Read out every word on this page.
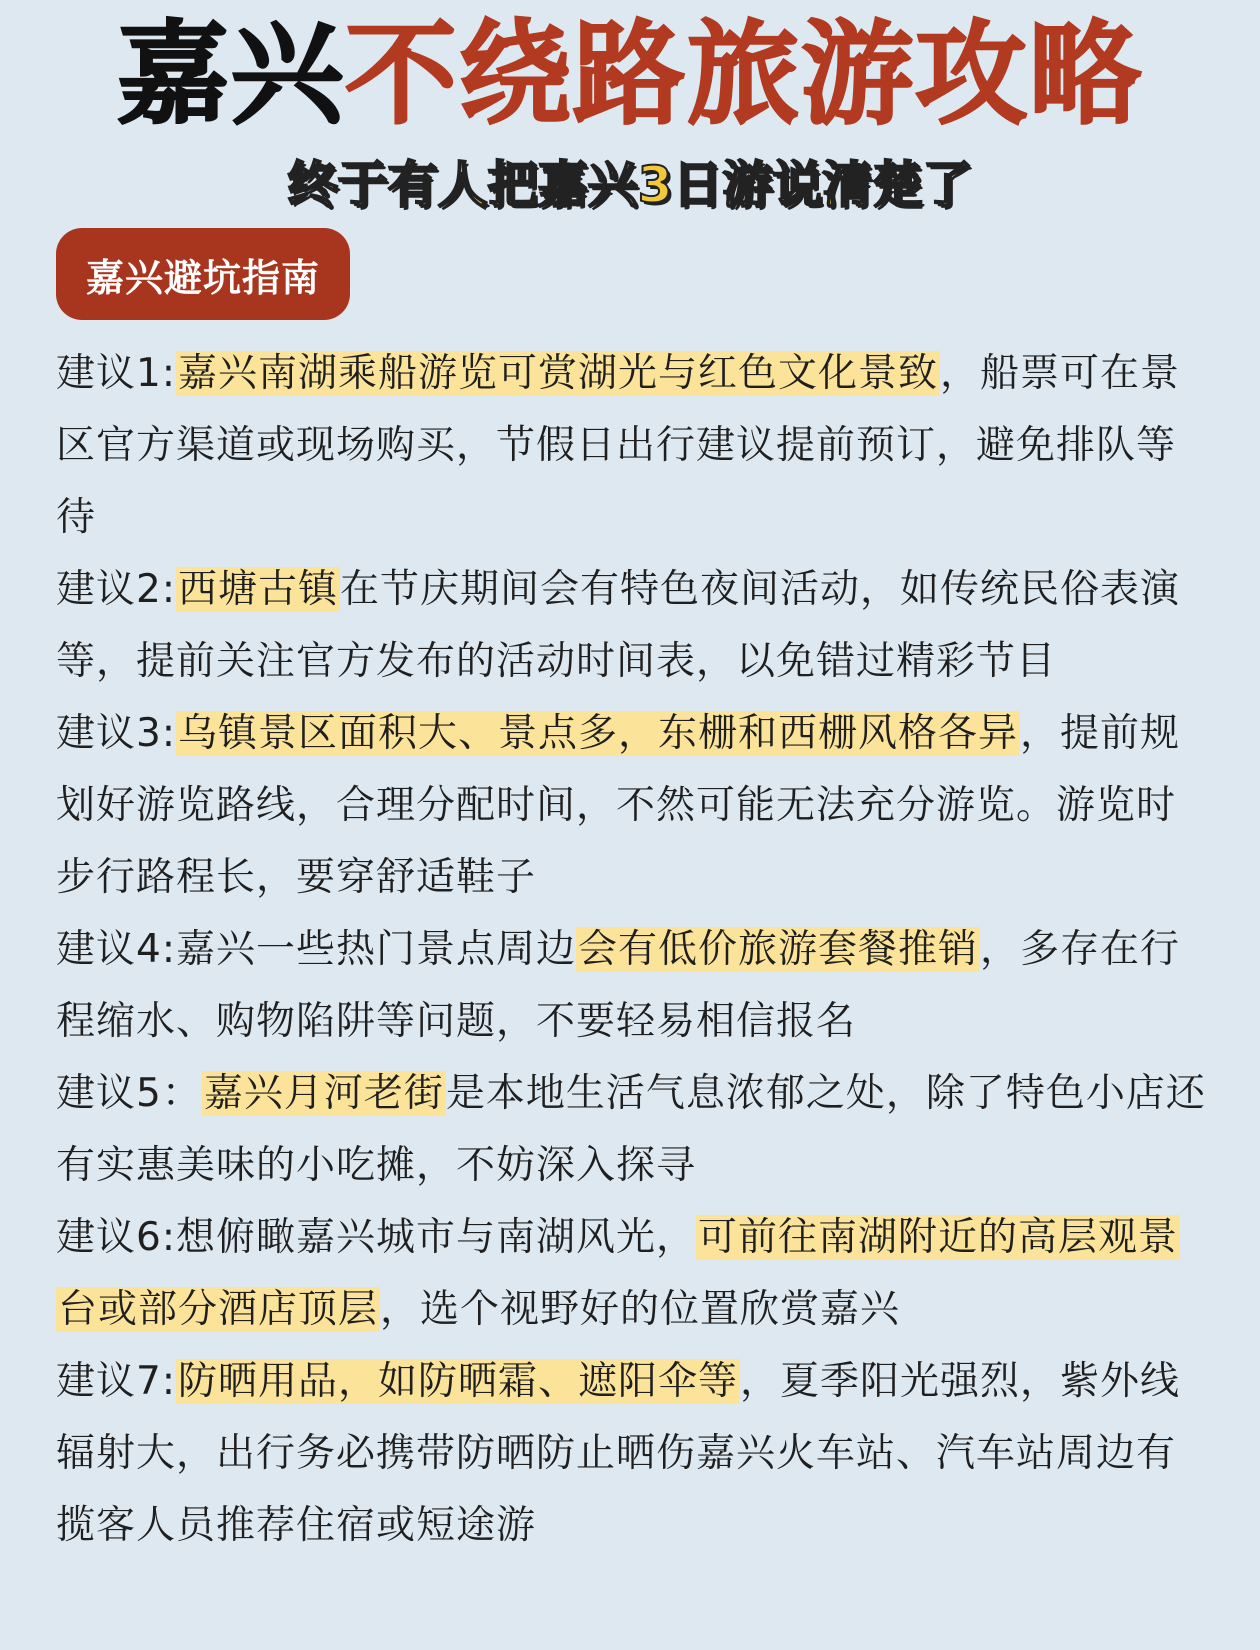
嘉兴不绕路旅游攻略
终于有人把嘉兴3日游说清楚了
嘉兴避坑指南

建议1:嘉兴南湖乘船游览可赏湖光与红色文化景致，船票可在景区官方渠道或现场购买，节假日出行建议提前预订，避免排队等待

建议2:西塘古镇在节庆期间会有特色夜间活动，如传统民俗表演等，提前关注官方发布的活动时间表，以免错过精彩节目

建议3:乌镇景区面积大、景点多，东栅和西栅风格各异，提前规划好游览路线，合理分配时间，不然可能无法充分游览。游览时步行路程长，要穿舒适鞋子

建议4:嘉兴一些热门景点周边会有低价旅游套餐推销，多存在行程缩水、购物陷阱等问题，不要轻易相信报名

建议5：嘉兴月河老街是本地生活气息浓郁之处，除了特色小店还有实惠美味的小吃摊，不妨深入探寻

建议6:想俯瞰嘉兴城市与南湖风光，可前往南湖附近的高层观景台或部分酒店顶层，选个视野好的位置欣赏嘉兴

建议7:防晒用品，如防晒霜、遮阳伞等，夏季阳光强烈，紫外线辐射大，出行务必携带防晒防止晒伤嘉兴火车站、汽车站周边有揽客人员推荐住宿或短途游
